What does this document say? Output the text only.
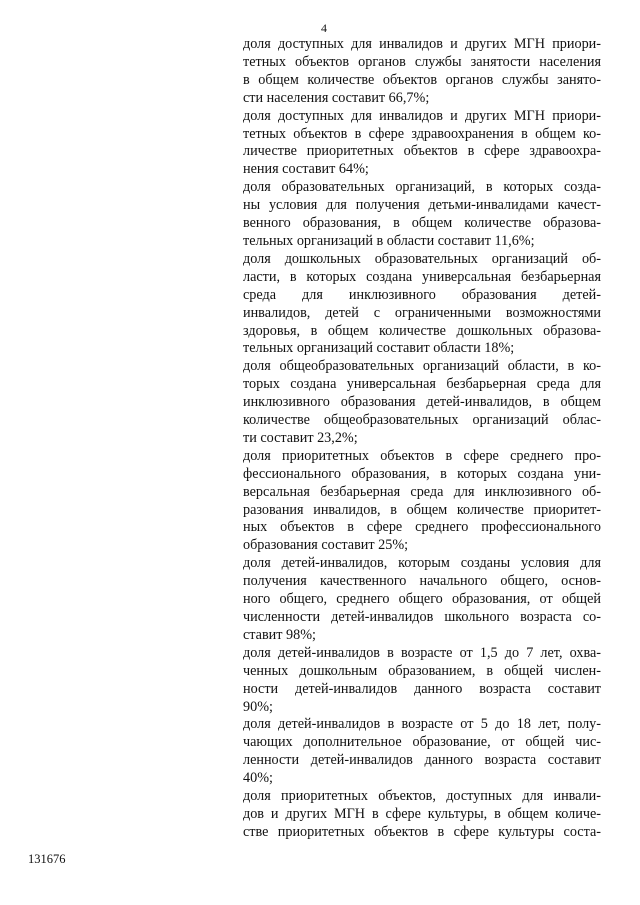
4
доля доступных для инвалидов и других МГН приори-
тетных объектов органов службы занятости населения
в общем количестве объектов органов службы занято-
сти населения составит 66,7%;
доля доступных для инвалидов и других МГН приори-
тетных объектов в сфере здравоохранения в общем ко-
личестве приоритетных объектов в сфере здравоохра-
нения составит 64%;
доля образовательных организаций, в которых созда-
ны условия для получения детьми-инвалидами качест-
венного образования, в общем количестве образова-
тельных организаций в области составит 11,6%;
доля дошкольных образовательных организаций об-
ласти, в которых создана универсальная безбарьерная
среда для инклюзивного образования детей-
инвалидов, детей с ограниченными возможностями
здоровья, в общем количестве дошкольных образова-
тельных организаций составит области 18%;
доля общеобразовательных организаций области, в ко-
торых создана универсальная безбарьерная среда для
инклюзивного образования детей-инвалидов, в общем
количестве общеобразовательных организаций облас-
ти составит 23,2%;
доля приоритетных объектов в сфере среднего про-
фессионального образования, в которых создана уни-
версальная безбарьерная среда для инклюзивного об-
разования инвалидов, в общем количестве приоритет-
ных объектов в сфере среднего профессионального
образования составит 25%;
доля детей-инвалидов, которым созданы условия для
получения качественного начального общего, основ-
ного общего, среднего общего образования, от общей
численности детей-инвалидов школьного возраста со-
ставит 98%;
доля детей-инвалидов в возрасте от 1,5 до 7 лет, охва-
ченных дошкольным образованием, в общей числен-
ности детей-инвалидов данного возраста составит
90%;
доля детей-инвалидов в возрасте от 5 до 18 лет, полу-
чающих дополнительное образование, от общей чис-
ленности детей-инвалидов данного возраста составит
40%;
доля приоритетных объектов, доступных для инвали-
дов и других МГН в сфере культуры, в общем количе-
стве приоритетных объектов в сфере культуры соста-
131676
